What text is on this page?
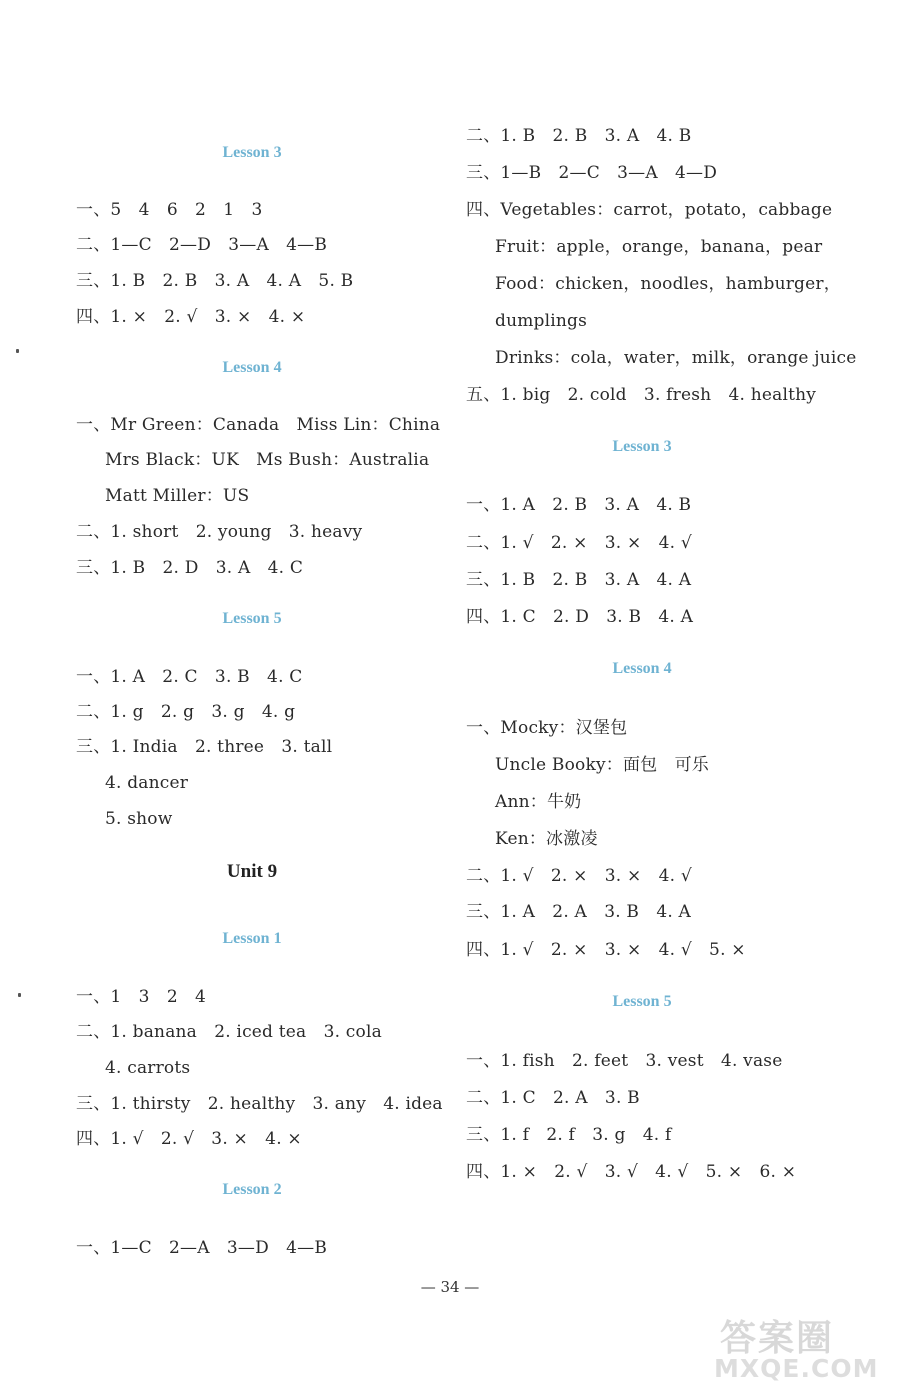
Lesson 3
一、5　4　6　2　1　3
二、1—C　2—D　3—A　4—B
三、1. B　2. B　3. A　4. A　5. B
四、1. ×　2. √　3. ×　4. ×
Lesson 4
一、Mr Green：Canada　Miss Lin：China
Mrs Black：UK　Ms Bush：Australia
Matt Miller：US
二、1. short　2. young　3. heavy
三、1. B　2. D　3. A　4. C
Lesson 5
一、1. A　2. C　3. B　4. C
二、1. g　2. g　3. g　4. g
三、1. India　2. three　3. tall
4. dancer
5. show
Unit 9
Lesson 1
一、1　3　2　4
二、1. banana　2. iced tea　3. cola
4. carrots
三、1. thirsty　2. healthy　3. any　4. idea
四、1. √　2. √　3. ×　4. ×
Lesson 2
一、1—C　2—A　3—D　4—B
二、1. B　2. B　3. A　4. B
三、1—B　2—C　3—A　4—D
四、Vegetables：carrot，potato，cabbage
Fruit：apple，orange，banana，pear
Food：chicken，noodles，hamburger，
dumplings
Drinks：cola，water，milk，orange juice
五、1. big　2. cold　3. fresh　4. healthy
Lesson 3
一、1. A　2. B　3. A　4. B
二、1. √　2. ×　3. ×　4. √
三、1. B　2. B　3. A　4. A
四、1. C　2. D　3. B　4. A
Lesson 4
一、Mocky：汉堡包
Uncle Booky：面包　可乐
Ann：牛奶
Ken：冰激凌
二、1. √　2. ×　3. ×　4. √
三、1. A　2. A　3. B　4. A
四、1. √　2. ×　3. ×　4. √　5. ×
Lesson 5
一、1. fish　2. feet　3. vest　4. vase
二、1. C　2. A　3. B
三、1. f　2. f　3. g　4. f
四、1. ×　2. √　3. √　4. √　5. ×　6. ×
— 34 —
答案圈
MXQE.COM
